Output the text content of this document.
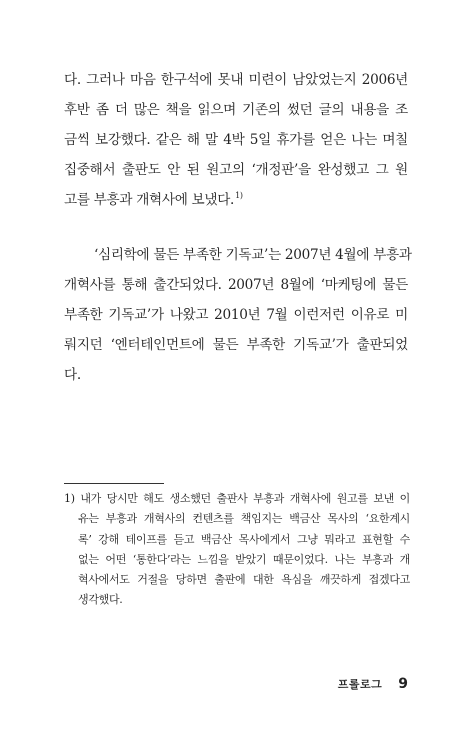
다. 그러나 마음 한구석에 못내 미련이 남았었는지 2006년
후반 좀 더 많은 책을 읽으며 기존의 썼던 글의 내용을 조
금씩 보강했다. 같은 해 말 4박 5일 휴가를 얻은 나는 며칠
집중해서 출판도 안 된 원고의 ‘개정판’을 완성했고 그 원
고를 부흥과 개혁사에 보냈다.$^{1)}$
‘심리학에 물든 부족한 기독교’는 2007년 4월에 부흥과
개혁사를 통해 출간되었다. 2007년 8월에 ‘마케팅에 물든
부족한 기독교’가 나왔고 2010년 7월 이런저런 이유로 미
뤄지던 ‘엔터테인먼트에 물든 부족한 기독교’가 출판되었
다.
1) 내가 당시만 해도 생소했던 출판사 부흥과 개혁사에 원고를 보낸 이
유는 부흥과 개혁사의 컨텐츠를 책임지는 백금산 목사의 ‘요한계시
록’ 강해 테이프를 듣고 백금산 목사에게서 그냥 뭐라고 표현할 수
없는 어떤 ‘통한다’라는 느낌을 받았기 때문이었다. 나는 부흥과 개
혁사에서도 거절을 당하면 출판에 대한 욕심을 깨끗하게 접겠다고
생각했다.
프롤로그 9
